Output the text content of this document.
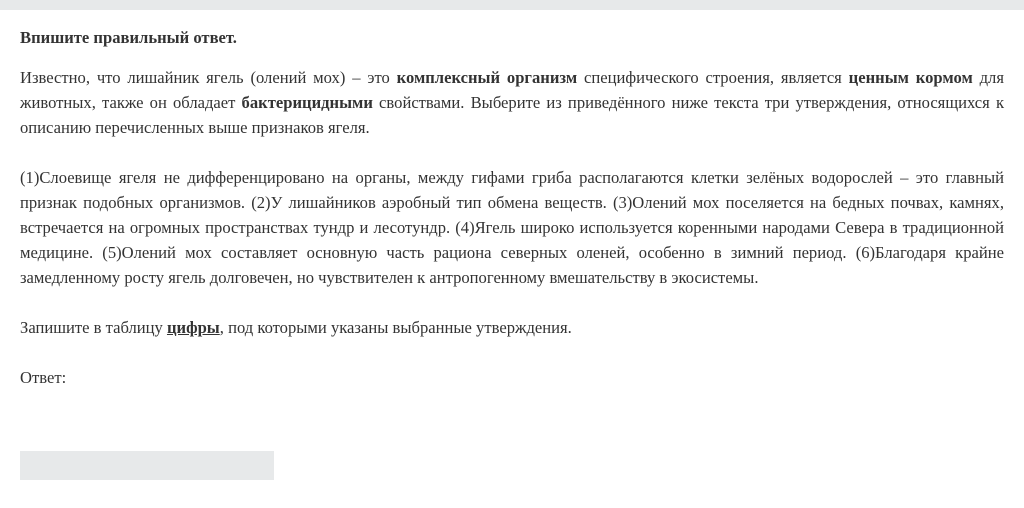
Впишите правильный ответ.

Известно, что лишайник ягель (олений мох) – это комплексный организм специфического строения, является ценным кормом для животных, также он обладает бактерицидными свойствами. Выберите из приведённого ниже текста три утверждения, относящихся к описанию перечисленных выше признаков ягеля.

(1)Слоевище ягеля не дифференцировано на органы, между гифами гриба располагаются клетки зелёных водорослей – это главный признак подобных организмов. (2)У лишайников аэробный тип обмена веществ. (3)Олений мох поселяется на бедных почвах, камнях, встречается на огромных пространствах тундр и лесотундр. (4)Ягель широко используется коренными народами Севера в традиционной медицине. (5)Олений мох составляет основную часть рациона северных оленей, особенно в зимний период. (6)Благодаря крайне замедленному росту ягель долговечен, но чувствителен к антропогенному вмешательству в экосистемы.

Запишите в таблицу цифры, под которыми указаны выбранные утверждения.

Ответ:
